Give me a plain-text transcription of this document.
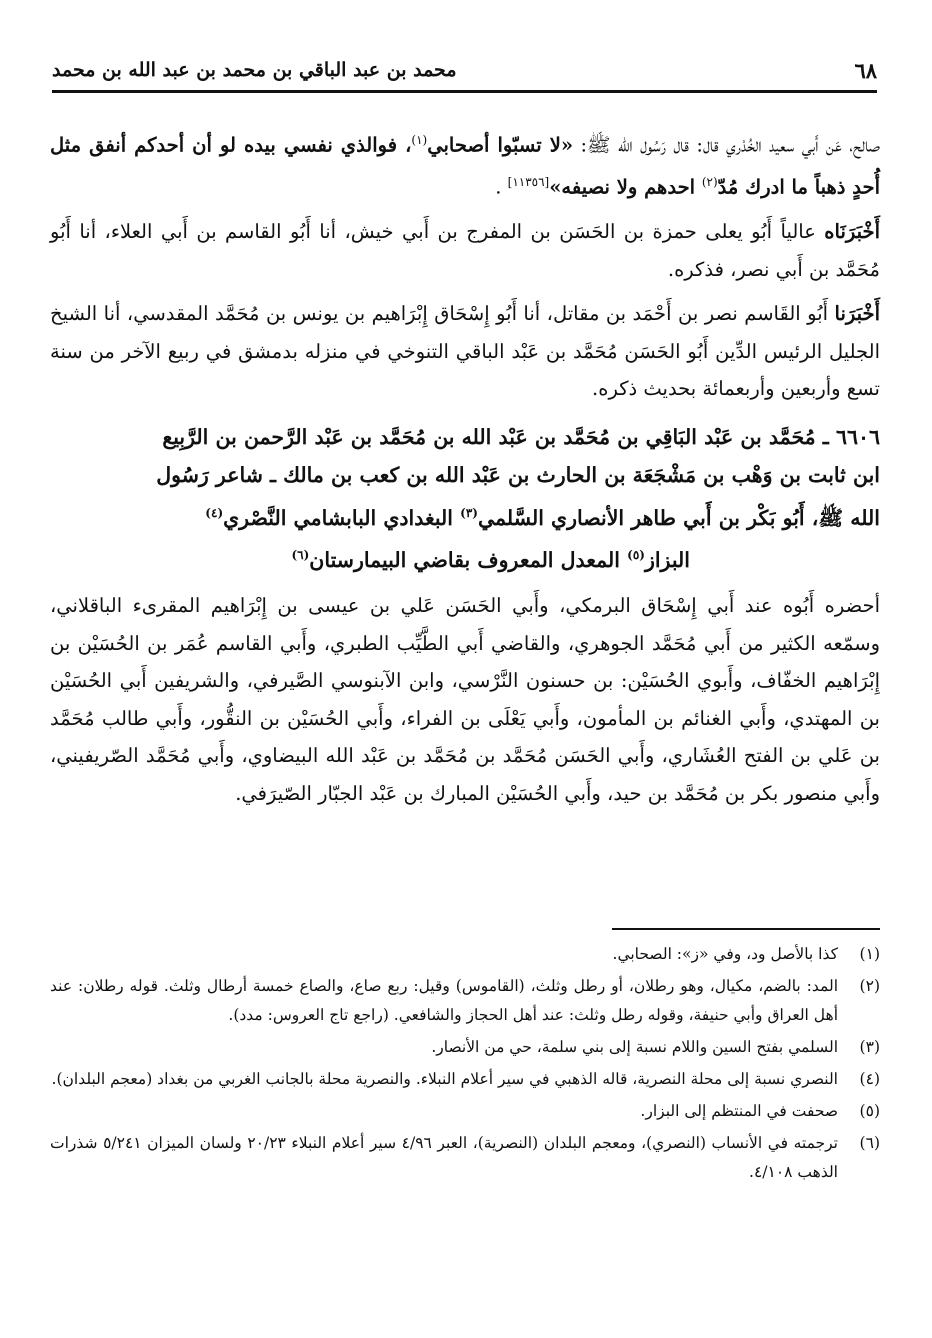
محمد بن عبد الباقي بن محمد بن عبد الله بن محمد	٦٨

صالح، عَن أَبي سعيد الخُدْري قال: قال رَسُول الله ﷺ: «لا تسبّوا أصحابي$^{(١)}$، فوالذي نفسي بيده لو أن أحدكم أنفق مثل أُحدٍ ذهباً ما ادرك مُدّ$^{(٢)}$ احدهم ولا نصيفه»[١١٣٥٦] .

أَخْبَرَنَاه عالياً أَبُو يعلى حمزة بن الحَسَن بن المفرج بن أَبي خيش، أنا أَبُو القاسم بن أَبي العلاء، أنا أَبُو مُحَمَّد بن أَبي نصر، فذكره.

أَخْبَرَنا أَبُو القَاسم نصر بن أَحْمَد بن مقاتل، أنا أَبُو إِسْحَاق إِبْرَاهيم بن يونس بن مُحَمَّد المقدسي، أنا الشيخ الجليل الرئيس الدِّين أَبُو الحَسَن مُحَمَّد بن عَبْد الباقي التنوخي في منزله بدمشق في ربيع الآخر من سنة تسع وأربعين وأربعمائة بحديث ذكره.

٦٦٠٦ ـ مُحَمَّد بن عَبْد البَاقِي بن مُحَمَّد بن عَبْد الله بن مُحَمَّد بن عَبْد الرَّحمن بن الرَّبِيع
ابن ثابت بن وَهْب بن مَشْجَعَة بن الحارث بن عَبْد الله بن كعب بن مالك ـ شاعر رَسُول
الله ﷺ، أَبُو بَكْر بن أَبي طاهر الأنصاري السَّلمي$^{(٣)}$ البغدادي البابشامي النَّصْري$^{(٤)}$
البزاز$^{(٥)}$ المعدل المعروف بقاضي البيمارستان$^{(٦)}$

أحضره أَبُوه عند أَبي إِسْحَاق البرمكي، وأَبي الحَسَن عَلي بن عيسى بن إِبْرَاهيم المقرىء الباقلاني، وسمّعه الكثير من أَبي مُحَمَّد الجوهري، والقاضي أَبي الطَّيِّب الطبري، وأَبي القاسم عُمَر بن الحُسَيْن بن إِبْرَاهيم الخفّاف، وأَبوي الحُسَيْن: بن حسنون النَّرْسي، وابن الآبنوسي الصَّيرفي، والشريفين أَبي الحُسَيْن بن المهتدي، وأَبي الغنائم بن المأمون، وأَبي يَعْلَى بن الفراء، وأَبي الحُسَيْن بن النقُّور، وأَبي طالب مُحَمَّد بن عَلي بن الفتح العُشَاري، وأَبي الحَسَن مُحَمَّد بن مُحَمَّد بن عَبْد الله البيضاوي، وأَبي مُحَمَّد الصّريفيني، وأَبي منصور بكر بن مُحَمَّد بن حيد، وأَبي الحُسَيْن المبارك بن عَبْد الجبّار الصّيرَفي.

(١)
كذا بالأصل ود، وفي «ز»: الصحابي.
(٢)
المد: بالضم، مكيال، وهو رطلان، أو رطل وثلث، (القاموس) وقيل: ربع صاع، والصاع خمسة أرطال وثلث. قوله رطلان: عند أهل العراق وأبي حنيفة، وقوله رطل وثلث: عند أهل الحجاز والشافعي. (راجع تاج العروس: مدد).
(٣)
السلمي بفتح السين واللام نسبة إلى بني سلمة، حي من الأنصار.
(٤)
النصري نسبة إلى محلة النصرية، قاله الذهبي في سير أعلام النبلاء. والنصرية محلة بالجانب الغربي من بغداد (معجم البلدان).
(٥)
صحفت في المنتظم إلى البزار.
(٦)
ترجمته في الأنساب (النصري)، ومعجم البلدان (النصرية)، العبر ٤/٩٦ سير أعلام النبلاء ٢٠/٢٣ ولسان الميزان ٥/٢٤١ شذرات الذهب ٤/١٠٨.
